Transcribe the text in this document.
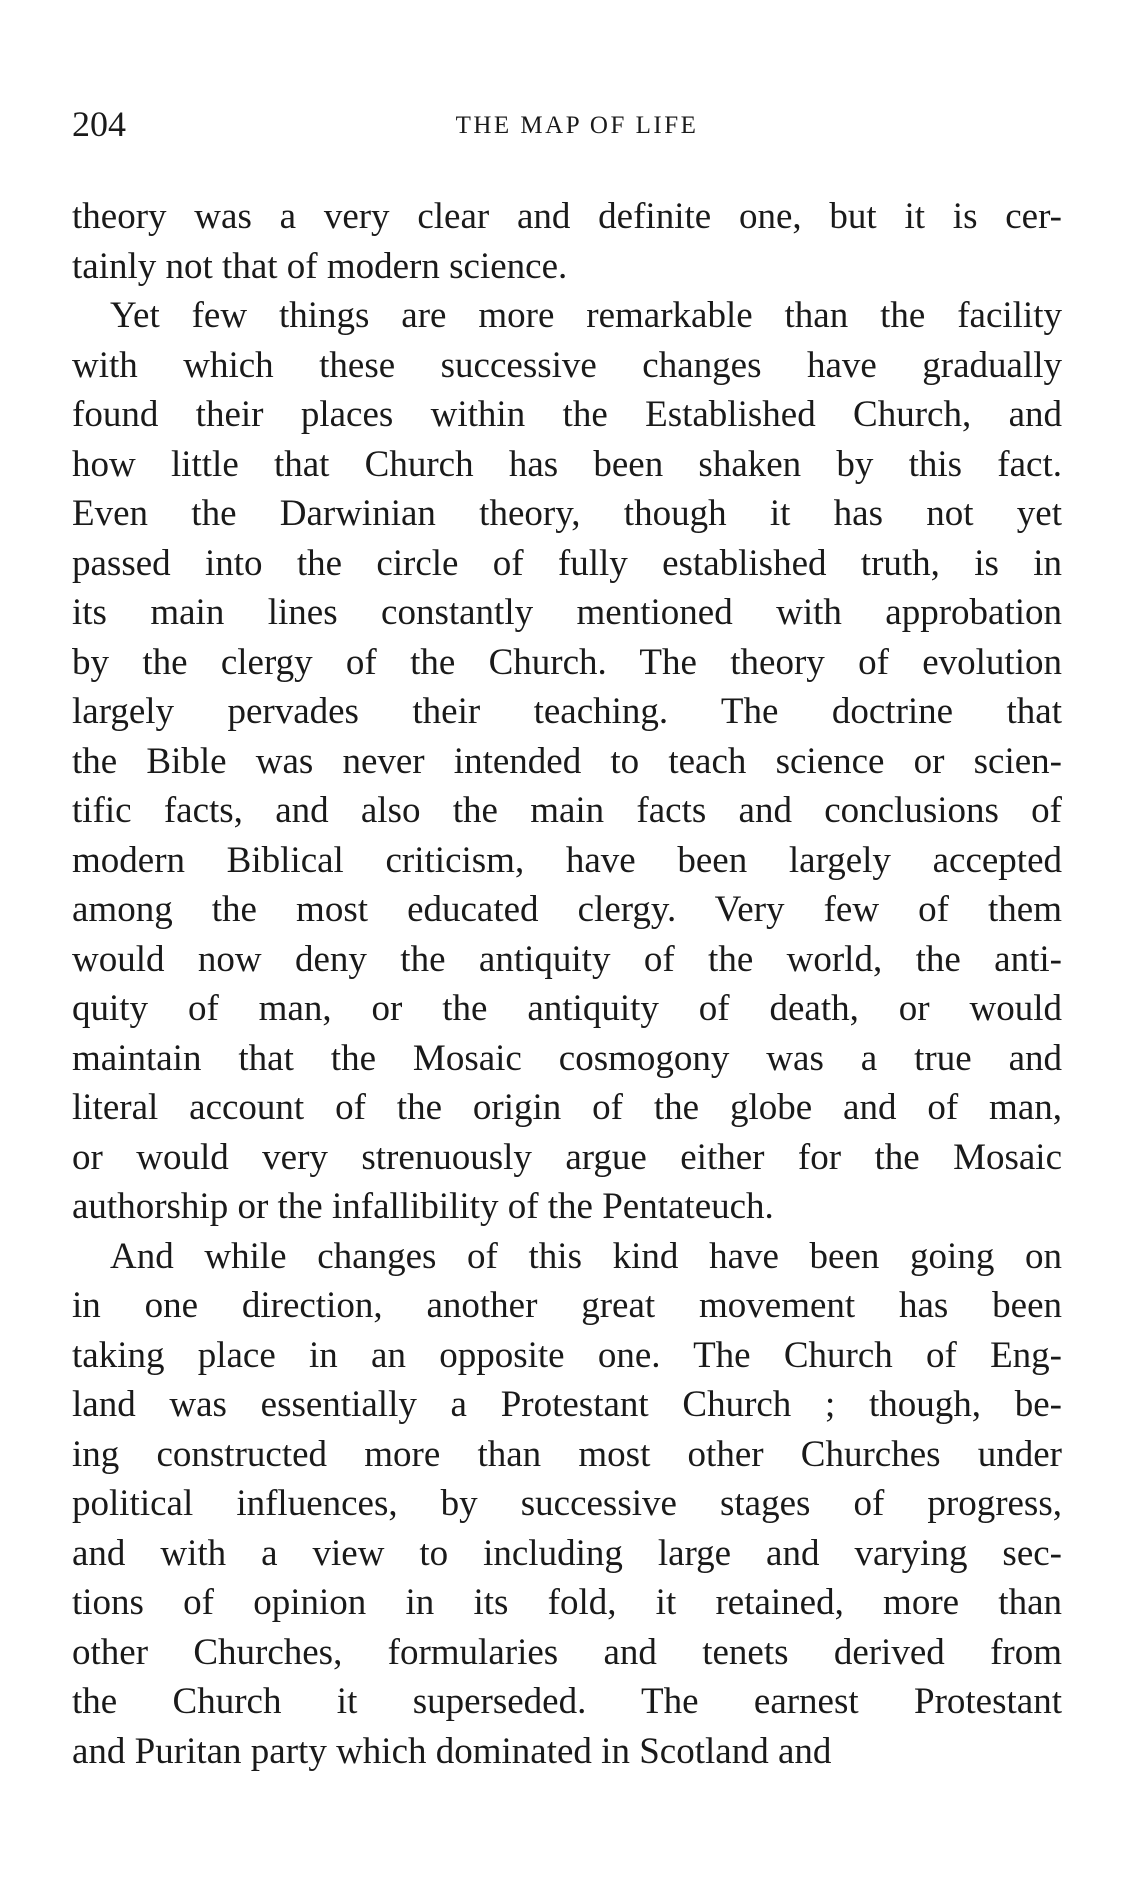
204	THE MAP OF LIFE

theory was a very clear and definite one, but it is cer-

tainly not that of modern science.

Yet few things are more remarkable than the facility

with which these successive changes have gradually

found their places within the Established Church, and

how little that Church has been shaken by this fact.

Even the Darwinian theory, though it has not yet

passed into the circle of fully established truth, is in

its main lines constantly mentioned with approbation

by the clergy of the Church. The theory of evolution

largely pervades their teaching. The doctrine that

the Bible was never intended to teach science or scien-

tific facts, and also the main facts and conclusions of

modern Biblical criticism, have been largely accepted

among the most educated clergy. Very few of them

would now deny the antiquity of the world, the anti-

quity of man, or the antiquity of death, or would

maintain that the Mosaic cosmogony was a true and

literal account of the origin of the globe and of man,

or would very strenuously argue either for the Mosaic

authorship or the infallibility of the Pentateuch.

And while changes of this kind have been going on

in one direction, another great movement has been

taking place in an opposite one. The Church of Eng-

land was essentially a Protestant Church ; though, be-

ing constructed more than most other Churches under

political influences, by successive stages of progress,

and with a view to including large and varying sec-

tions of opinion in its fold, it retained, more than

other Churches, formularies and tenets derived from

the Church it superseded. The earnest Protestant

and Puritan party which dominated in Scotland and
